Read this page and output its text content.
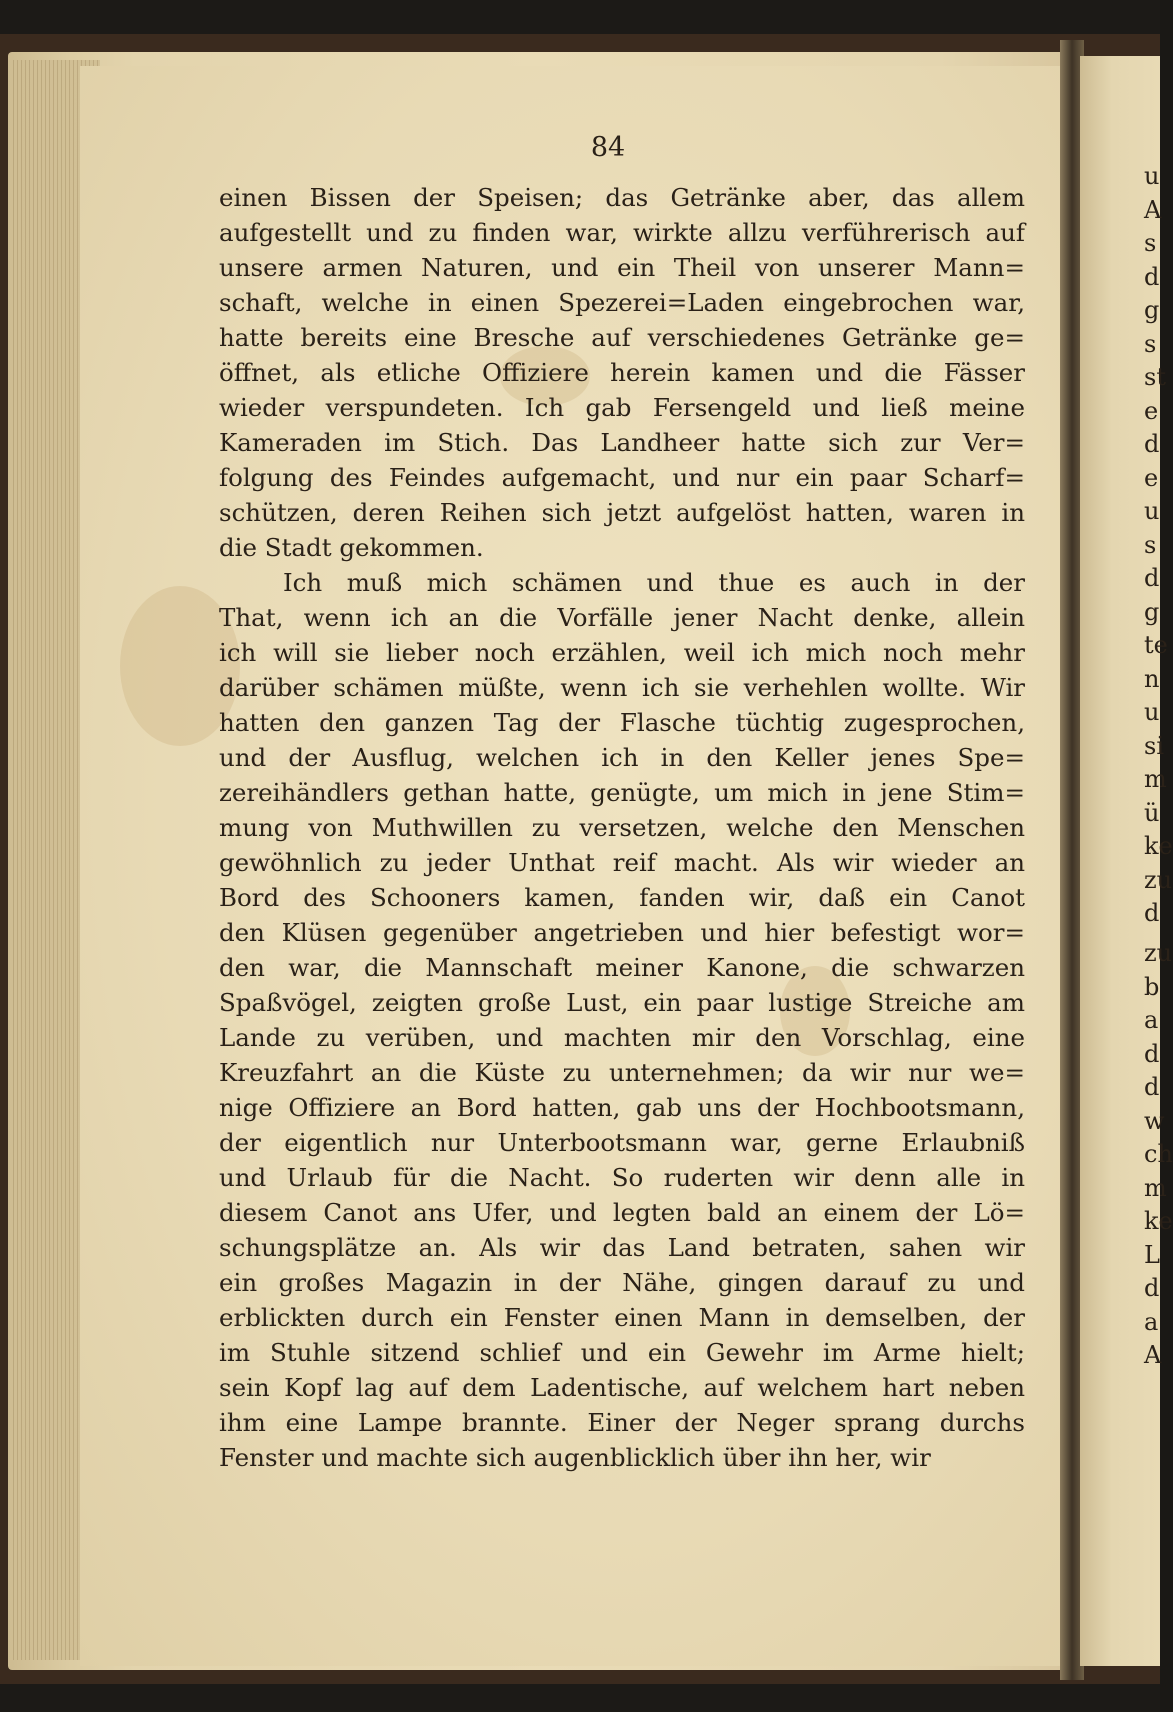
u
A
s
d
g
s
st
e
d
e
u
s
d
g
te
n
u
si
m
ü
ke
zu
d
zu
b
a
d
d
w
ch
m
ke
L
d
a
A
84
einen Bissen der Speisen; das Getränke aber, das allem
aufgestellt und zu finden war, wirkte allzu verführerisch auf
unsere armen Naturen, und ein Theil von unserer Mann=
schaft, welche in einen Spezerei=Laden eingebrochen war,
hatte bereits eine Bresche auf verschiedenes Getränke ge=
öffnet, als etliche Offiziere herein kamen und die Fässer
wieder verspundeten. Ich gab Fersengeld und ließ meine
Kameraden im Stich. Das Landheer hatte sich zur Ver=
folgung des Feindes aufgemacht, und nur ein paar Scharf=
schützen, deren Reihen sich jetzt aufgelöst hatten, waren in
die Stadt gekommen.
Ich muß mich schämen und thue es auch in der
That, wenn ich an die Vorfälle jener Nacht denke, allein
ich will sie lieber noch erzählen, weil ich mich noch mehr
darüber schämen müßte, wenn ich sie verhehlen wollte. Wir
hatten den ganzen Tag der Flasche tüchtig zugesprochen,
und der Ausflug, welchen ich in den Keller jenes Spe=
zereihändlers gethan hatte, genügte, um mich in jene Stim=
mung von Muthwillen zu versetzen, welche den Menschen
gewöhnlich zu jeder Unthat reif macht. Als wir wieder an
Bord des Schooners kamen, fanden wir, daß ein Canot
den Klüsen gegenüber angetrieben und hier befestigt wor=
den war, die Mannschaft meiner Kanone, die schwarzen
Spaßvögel, zeigten große Lust, ein paar lustige Streiche am
Lande zu verüben, und machten mir den Vorschlag, eine
Kreuzfahrt an die Küste zu unternehmen; da wir nur we=
nige Offiziere an Bord hatten, gab uns der Hochbootsmann,
der eigentlich nur Unterbootsmann war, gerne Erlaubniß
und Urlaub für die Nacht. So ruderten wir denn alle in
diesem Canot ans Ufer, und legten bald an einem der Lö=
schungsplätze an. Als wir das Land betraten, sahen wir
ein großes Magazin in der Nähe, gingen darauf zu und
erblickten durch ein Fenster einen Mann in demselben, der
im Stuhle sitzend schlief und ein Gewehr im Arme hielt;
sein Kopf lag auf dem Ladentische, auf welchem hart neben
ihm eine Lampe brannte. Einer der Neger sprang durchs
Fenster und machte sich augenblicklich über ihn her, wir
